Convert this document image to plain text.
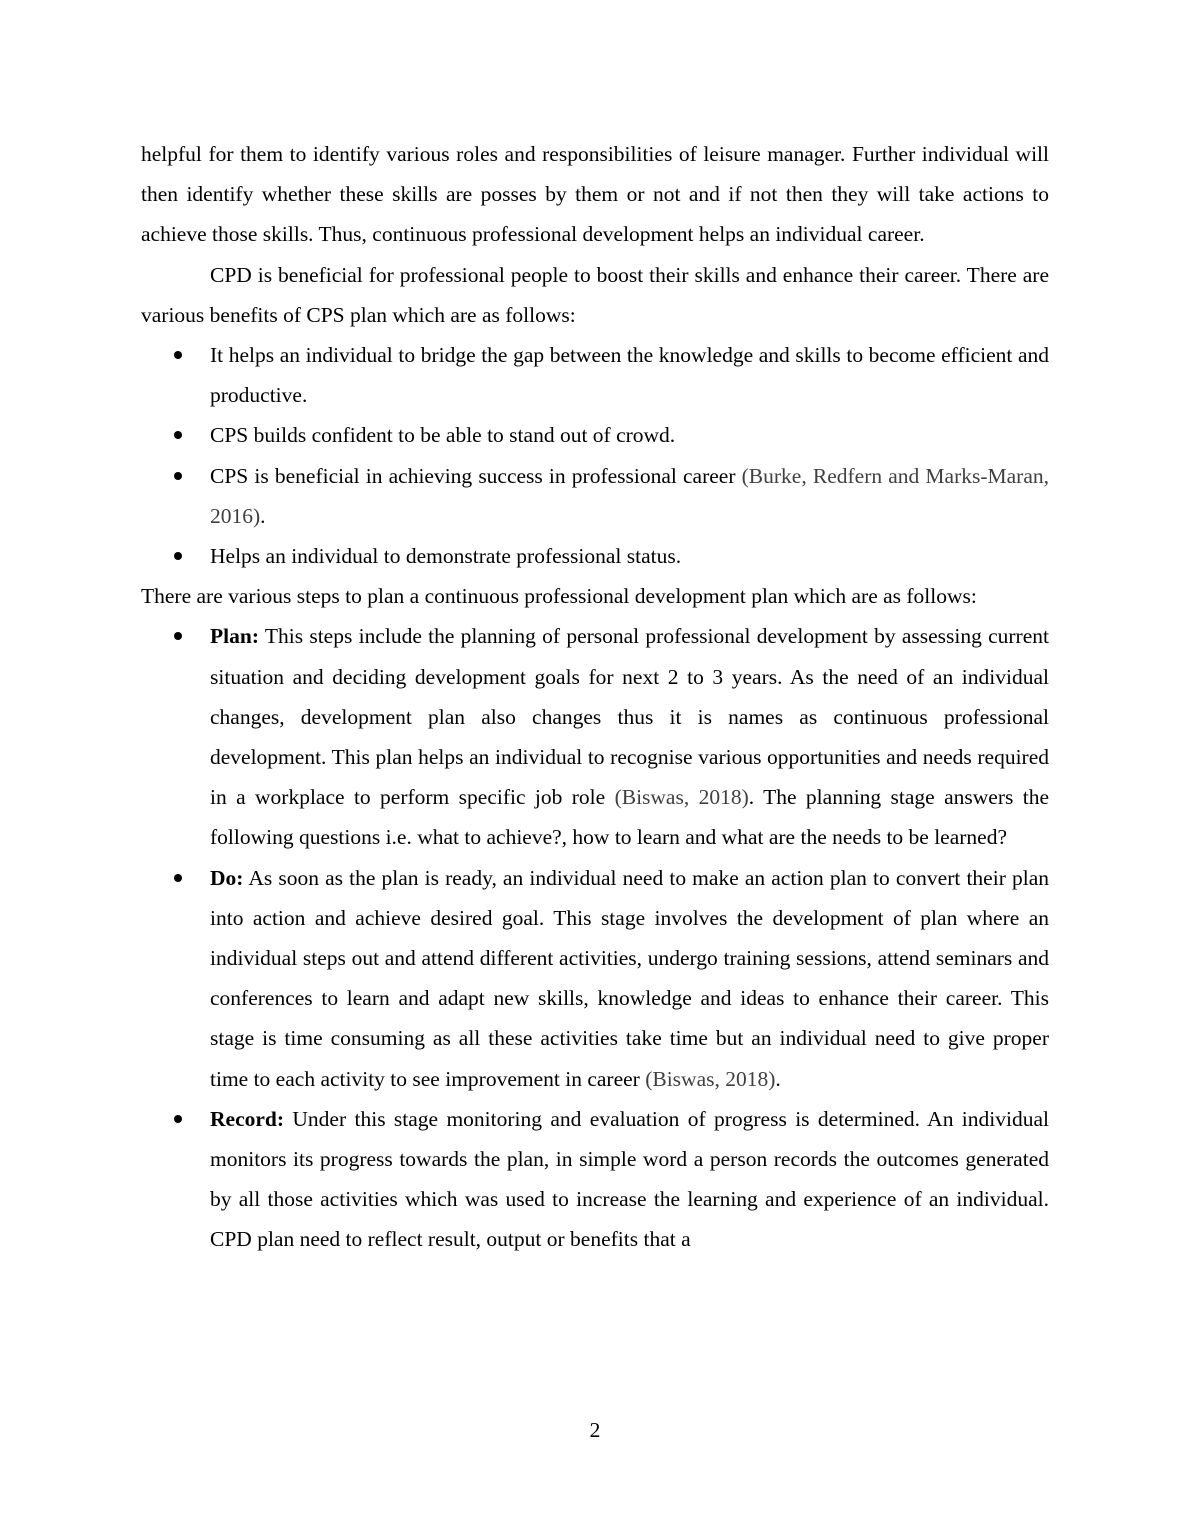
helpful for them to identify various roles and responsibilities of leisure manager. Further individual will then identify whether these skills are posses by them or not and if not then they will take actions to achieve those skills. Thus, continuous professional development helps an individual career.

CPD is beneficial for professional people to boost their skills and enhance their career. There are various benefits of CPS plan which are as follows:

It helps an individual to bridge the gap between the knowledge and skills to become efficient and productive.
CPS builds confident to be able to stand out of crowd.
CPS is beneficial in achieving success in professional career (Burke, Redfern and Marks-Maran, 2016).
Helps an individual to demonstrate professional status.

There are various steps to plan a continuous professional development plan which are as follows:

Plan: This steps include the planning of personal professional development by assessing current situation and deciding development goals for next 2 to 3 years. As the need of an individual changes, development plan also changes thus it is names as continuous professional development. This plan helps an individual to recognise various opportunities and needs required in a workplace to perform specific job role (Biswas, 2018). The planning stage answers the following questions i.e. what to achieve?, how to learn and what are the needs to be learned?
Do: As soon as the plan is ready, an individual need to make an action plan to convert their plan into action and achieve desired goal. This stage involves the development of plan where an individual steps out and attend different activities, undergo training sessions, attend seminars and conferences to learn and adapt new skills, knowledge and ideas to enhance their career. This stage is time consuming as all these activities take time but an individual need to give proper time to each activity to see improvement in career (Biswas, 2018).
Record: Under this stage monitoring and evaluation of progress is determined. An individual monitors its progress towards the plan, in simple word a person records the outcomes generated by all those activities which was used to increase the learning and experience of an individual. CPD plan need to reflect result, output or benefits that a
2
